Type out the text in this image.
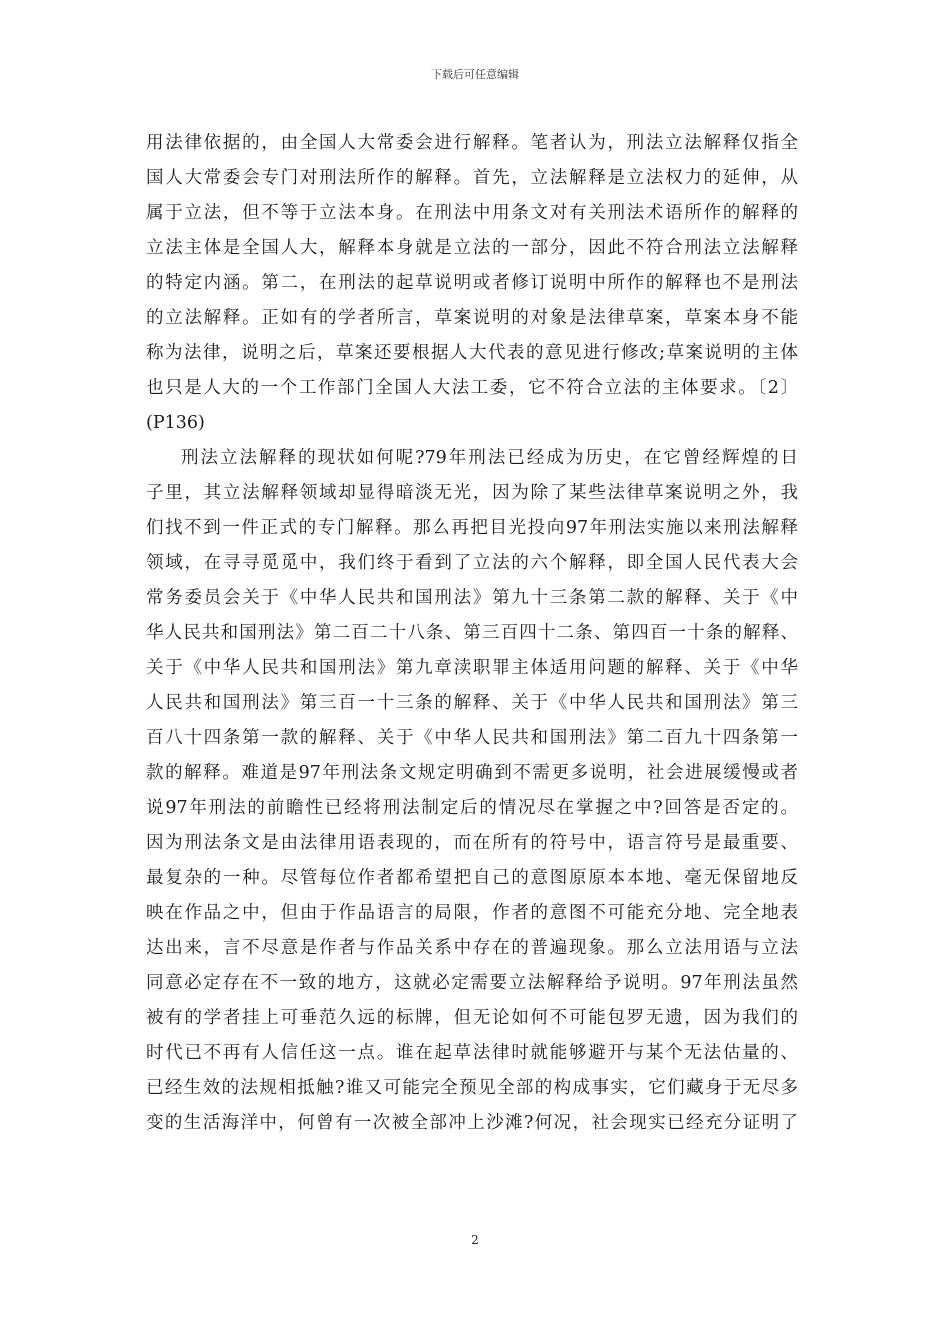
下载后可任意编辑
用法律依据的，由全国人大常委会进行解释。笔者认为，刑法立法解释仅指全
国人大常委会专门对刑法所作的解释。首先，立法解释是立法权力的延伸，从
属于立法，但不等于立法本身。在刑法中用条文对有关刑法术语所作的解释的
立法主体是全国人大，解释本身就是立法的一部分，因此不符合刑法立法解释
的特定内涵。第二，在刑法的起草说明或者修订说明中所作的解释也不是刑法
的立法解释。正如有的学者所言，草案说明的对象是法律草案，草案本身不能
称为法律，说明之后，草案还要根据人大代表的意见进行修改;草案说明的主体
也只是人大的一个工作部门全国人大法工委，它不符合立法的主体要求。〔2〕
(P136)
刑法立法解释的现状如何呢?79年刑法已经成为历史，在它曾经辉煌的日
子里，其立法解释领域却显得暗淡无光，因为除了某些法律草案说明之外，我
们找不到一件正式的专门解释。那么再把目光投向97年刑法实施以来刑法解释
领域，在寻寻觅觅中，我们终于看到了立法的六个解释，即全国人民代表大会
常务委员会关于《中华人民共和国刑法》第九十三条第二款的解释、关于《中
华人民共和国刑法》第二百二十八条、第三百四十二条、第四百一十条的解释、
关于《中华人民共和国刑法》第九章渎职罪主体适用问题的解释、关于《中华
人民共和国刑法》第三百一十三条的解释、关于《中华人民共和国刑法》第三
百八十四条第一款的解释、关于《中华人民共和国刑法》第二百九十四条第一
款的解释。难道是97年刑法条文规定明确到不需更多说明，社会进展缓慢或者
说97年刑法的前瞻性已经将刑法制定后的情况尽在掌握之中?回答是否定的。
因为刑法条文是由法律用语表现的，而在所有的符号中，语言符号是最重要、
最复杂的一种。尽管每位作者都希望把自己的意图原原本本地、毫无保留地反
映在作品之中，但由于作品语言的局限，作者的意图不可能充分地、完全地表
达出来，言不尽意是作者与作品关系中存在的普遍现象。那么立法用语与立法
同意必定存在不一致的地方，这就必定需要立法解释给予说明。97年刑法虽然
被有的学者挂上可垂范久远的标牌，但无论如何不可能包罗无遗，因为我们的
时代已不再有人信任这一点。谁在起草法律时就能够避开与某个无法估量的、
已经生效的法规相抵触?谁又可能完全预见全部的构成事实，它们藏身于无尽多
变的生活海洋中，何曾有一次被全部冲上沙滩?何况，社会现实已经充分证明了
2
